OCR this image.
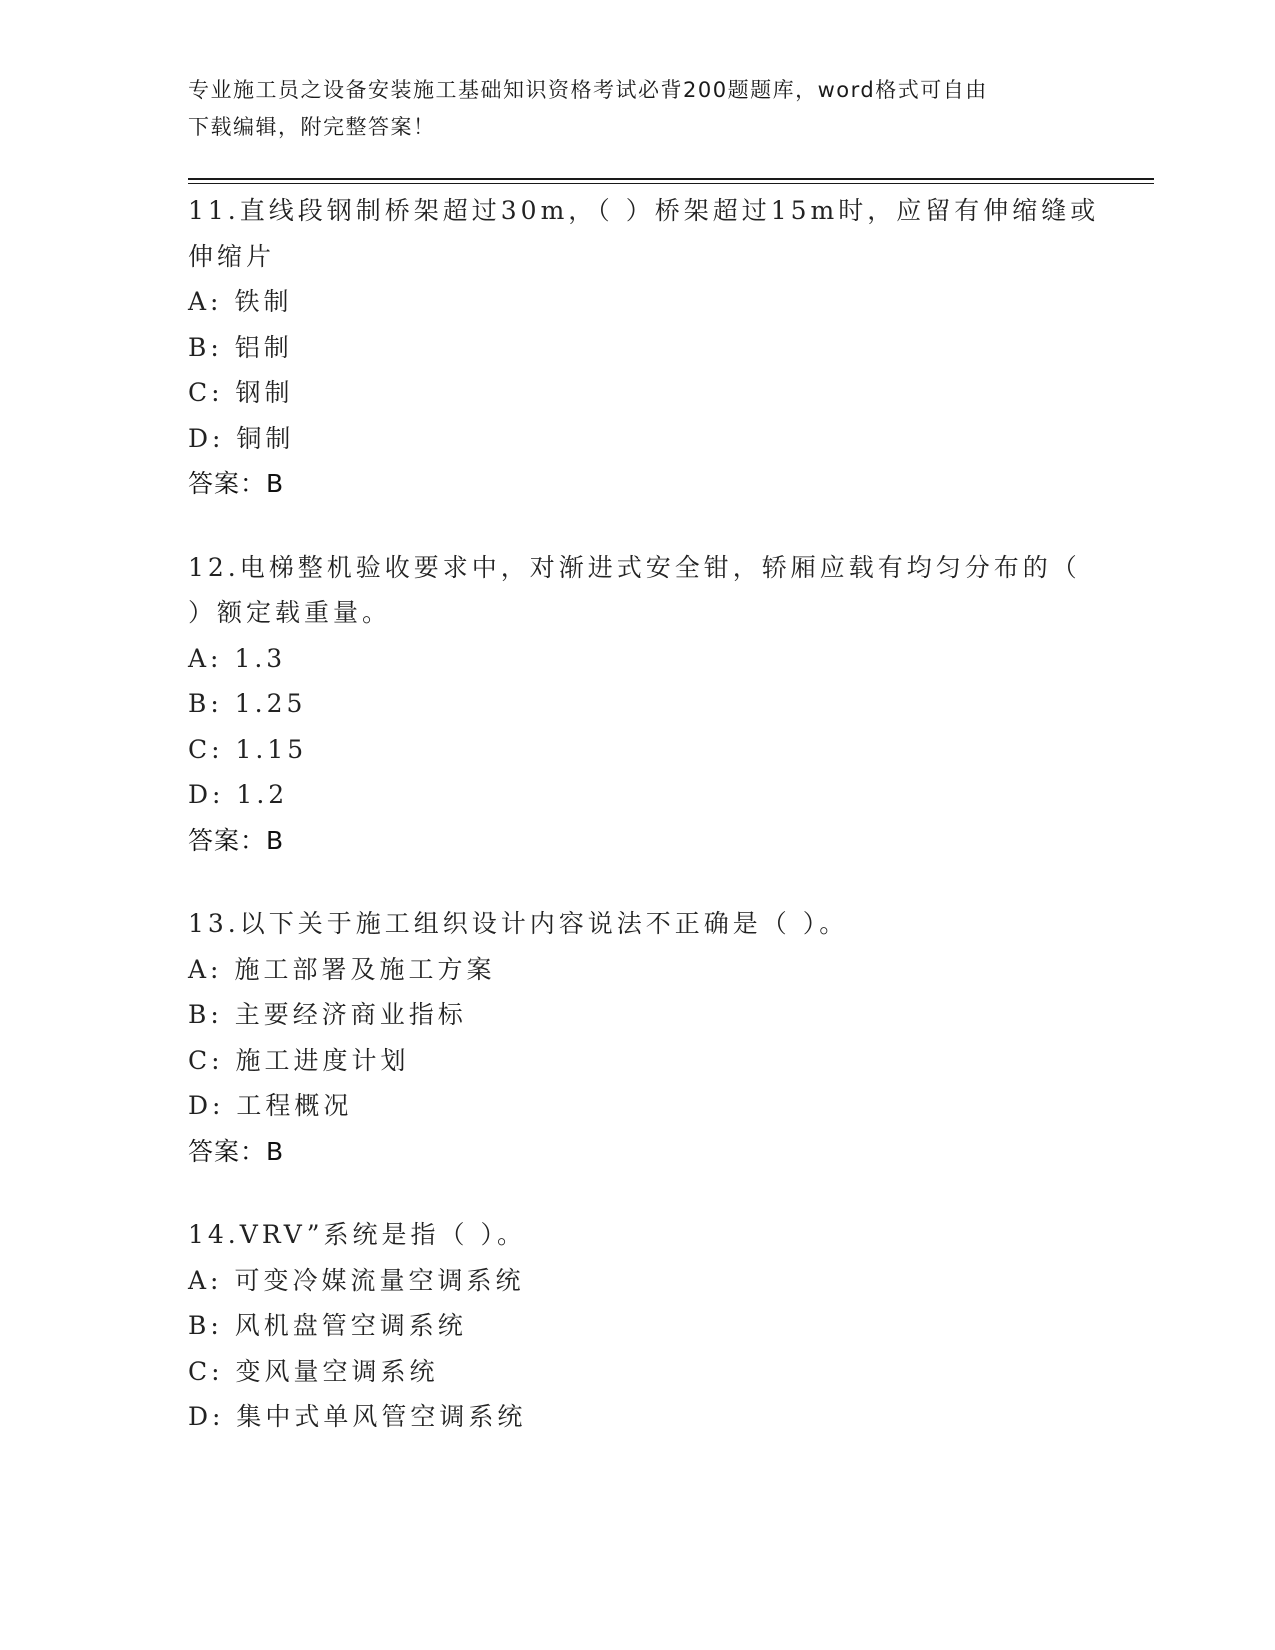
专业施工员之设备安装施工基础知识资格考试必背200题题库，word格式可自由
下载编辑，附完整答案！
11.直线段钢制桥架超过30m，（ ）桥架超过15m时，应留有伸缩缝或
伸缩片
A: 铁制
B: 铝制
C: 钢制
D: 铜制
答案：B
12.电梯整机验收要求中，对渐进式安全钳，轿厢应载有均匀分布的（
）额定载重量。
A: 1.3
B: 1.25
C: 1.15
D: 1.2
答案：B
13.以下关于施工组织设计内容说法不正确是（ ）。
A: 施工部署及施工方案
B: 主要经济商业指标
C: 施工进度计划
D: 工程概况
答案：B
14.VRV”系统是指（ ）。
A: 可变冷媒流量空调系统
B: 风机盘管空调系统
C: 变风量空调系统
D: 集中式单风管空调系统
